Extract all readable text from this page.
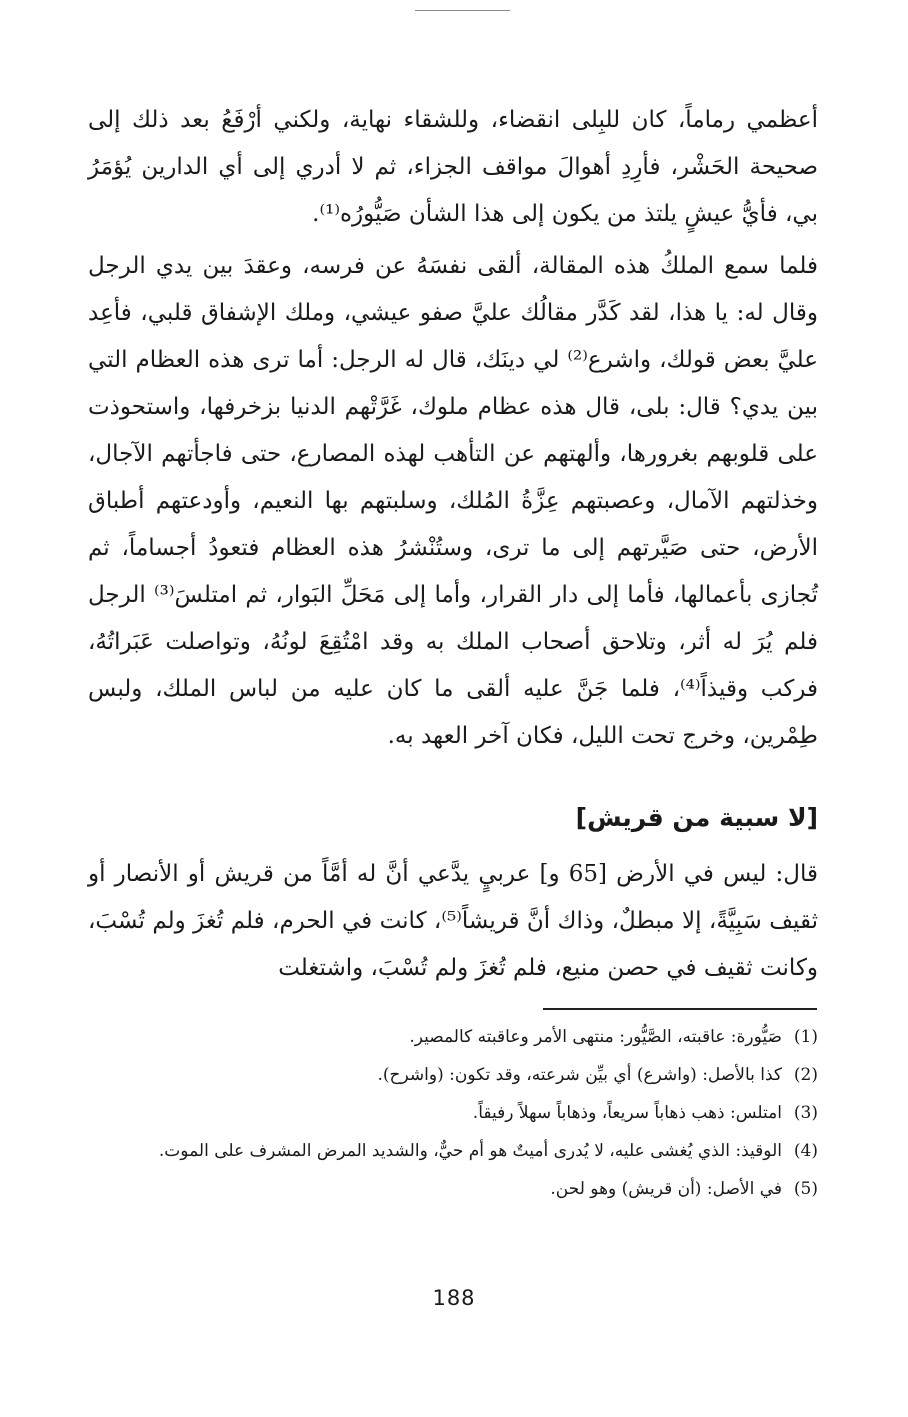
أعظمي رماماً، كان للبِلى انقضاء، وللشقاء نهاية، ولكني أرْفَعُ بعد ذلك إلى صحيحة الحَشْر، فأرِدِ أهوالَ مواقف الجزاء، ثم لا أدري إلى أي الدارين يُؤمَرُ بي، فأيُّ عيشٍ يلتذ من يكون إلى هذا الشأن صَيُّورُه⁽¹⁾.

فلما سمع الملكُ هذه المقالة، ألقى نفسَهُ عن فرسه، وعقدَ بين يدي الرجل وقال له: يا هذا، لقد كَدَّر مقالُك عليَّ صفو عيشي، وملك الإشفاق قلبي، فأعِد عليَّ بعض قولك، واشرع⁽²⁾ لي دينَك، قال له الرجل: أما ترى هذه العظام التي بين يدي؟ قال: بلى، قال هذه عظام ملوك، غَرَّتْهم الدنيا بزخرفها، واستحوذت على قلوبهم بغرورها، وألهتهم عن التأهب لهذه المصارع، حتى فاجأتهم الآجال، وخذلتهم الآمال، وعصبتهم عِزَّةُ المُلك، وسلبتهم بها النعيم، وأودعتهم أطباق الأرض، حتى صَيَّرتهم إلى ما ترى، وستُنْشرُ هذه العظام فتعودُ أجساماً، ثم تُجازى بأعمالها، فأما إلى دار القرار، وأما إلى مَحَلِّ البَوار، ثم امتلسَ⁽³⁾ الرجل فلم يُرَ له أثر، وتلاحق أصحاب الملك به وقد امْتُقِعَ لونُهُ، وتواصلت عَبَراتُهُ، فركب وقيذاً⁽⁴⁾، فلما جَنَّ عليه ألقى ما كان عليه من لباس الملك، ولبس طِمْرين، وخرج تحت الليل، فكان آخر العهد به.

[لا سبية من قريش]

قال: ليس في الأرض [65 و] عربيٍ يدَّعي أنَّ له أمَّاً من قريش أو الأنصار أو ثقيف سَبِيَّةً، إلا مبطلٌ، وذاك أنَّ قريشاً⁽⁵⁾، كانت في الحرم، فلم تُغزَ ولم تُسْبَ، وكانت ثقيف في حصن منيع، فلم تُغزَ ولم تُسْبَ، واشتغلت

(1)
صَيُّورة: عاقبته، الصَّيُّور: منتهى الأمر وعاقبته كالمصير.
(2)
كذا بالأصل: (واشرع) أي بيِّن شرعته، وقد تكون: (واشرح).
(3)
امتلس: ذهب ذهاباً سريعاً، وذهاباً سهلاً رفيقاً.
(4)
الوقيذ: الذي يُغشى عليه، لا يُدرى أميتٌ هو أم حيٌّ، والشديد المرض المشرف على الموت.
(5)
في الأصل: (أن قريش) وهو لحن.
188
